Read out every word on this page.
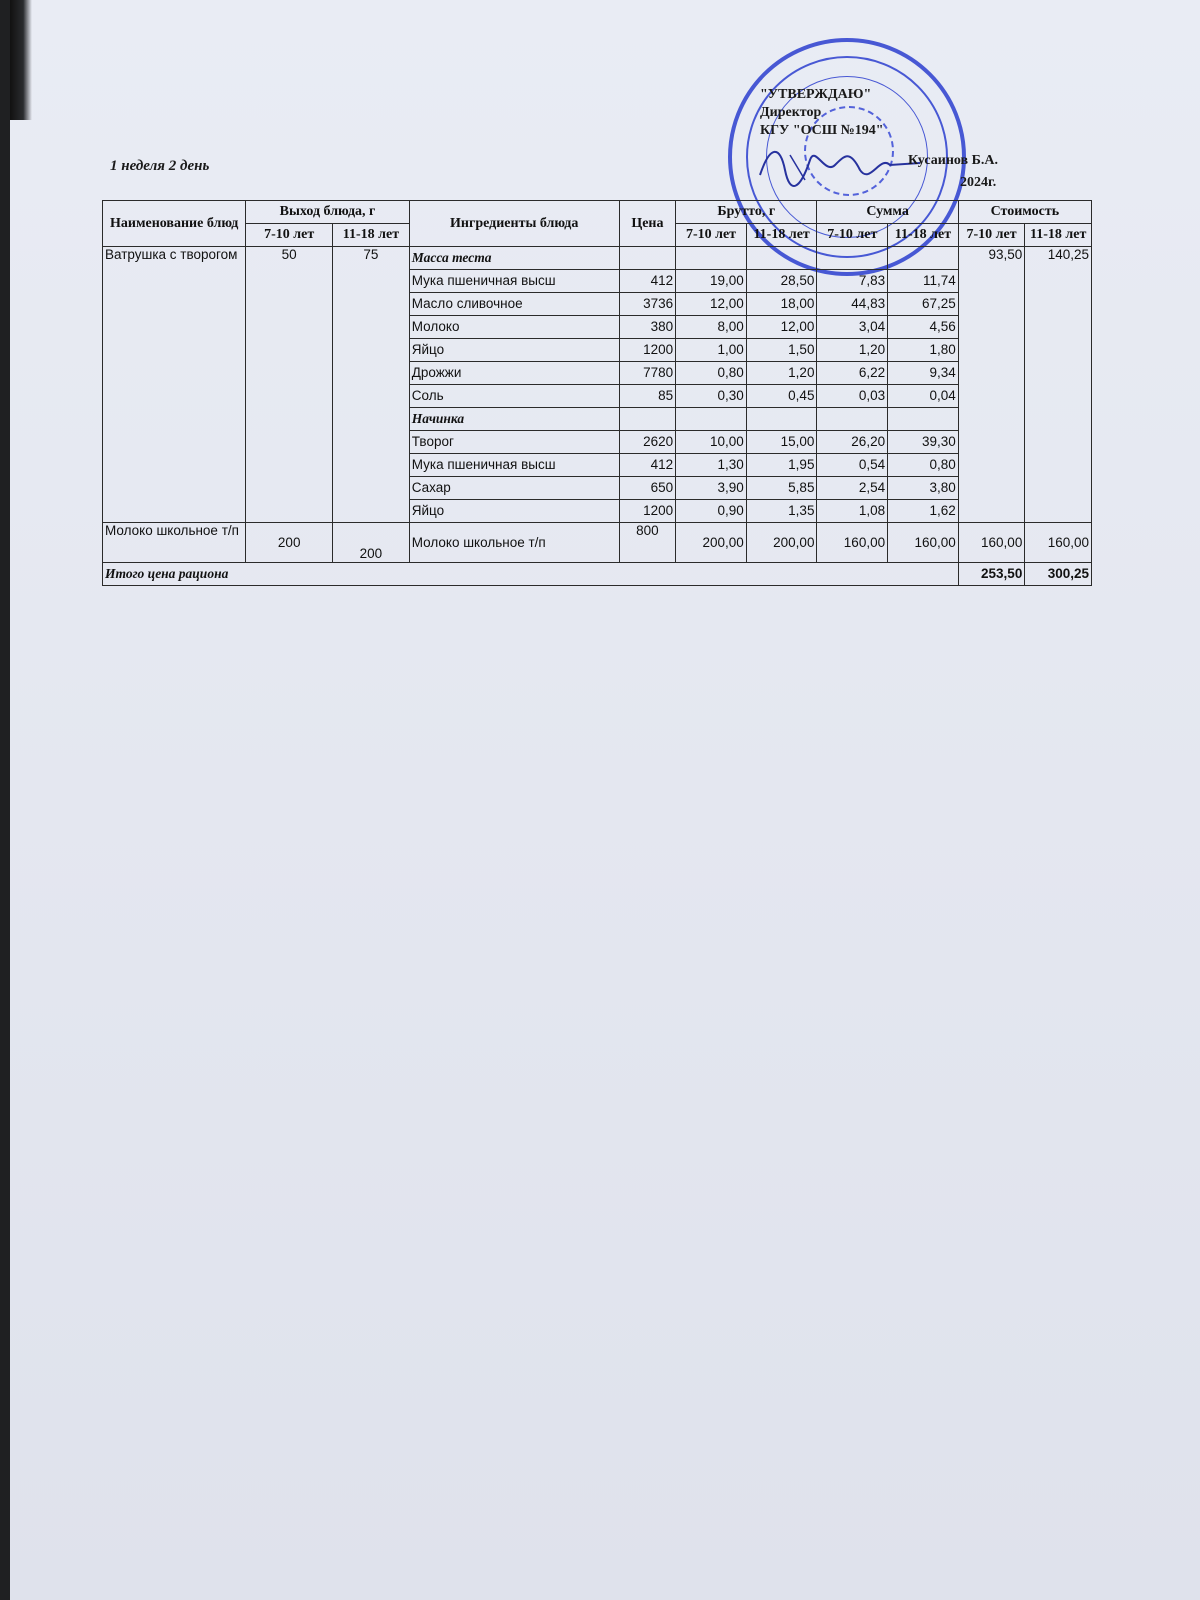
1 неделя 2 день

"УТВЕРЖДАЮ"
Директор
КГУ "ОСШ №194"
Кусаинов Б.А.
2024г.
Наименование блюд	Выход блюда, г		Ингредиенты блюда	Цена	Брутто, г		Сумма		Стоимость	
	7-10 лет	11-18 лет			7-10 лет	11-18 лет	7-10 лет	11-18 лет	7-10 лет	11-18 лет
Ватрушка с творогом	50	75	Масса теста						93,50	140,25
			Мука пшеничная высш	412	19,00	28,50	7,83	11,74		
			Масло сливочное	3736	12,00	18,00	44,83	67,25		
			Молоко	380	8,00	12,00	3,04	4,56		
			Яйцо	1200	1,00	1,50	1,20	1,80		
			Дрожжи	7780	0,80	1,20	6,22	9,34		
			Соль	85	0,30	0,45	0,03	0,04		
			Начинка							
			Творог	2620	10,00	15,00	26,20	39,30		
			Мука пшеничная высш	412	1,30	1,95	0,54	0,80		
			Сахар	650	3,90	5,85	2,54	3,80		
			Яйцо	1200	0,90	1,35	1,08	1,62		
Молоко школьное т/п	200	200	Молоко школьное т/п	800	200,00	200,00	160,00	160,00	160,00	160,00
Итого цена рациона									253,50	300,25
